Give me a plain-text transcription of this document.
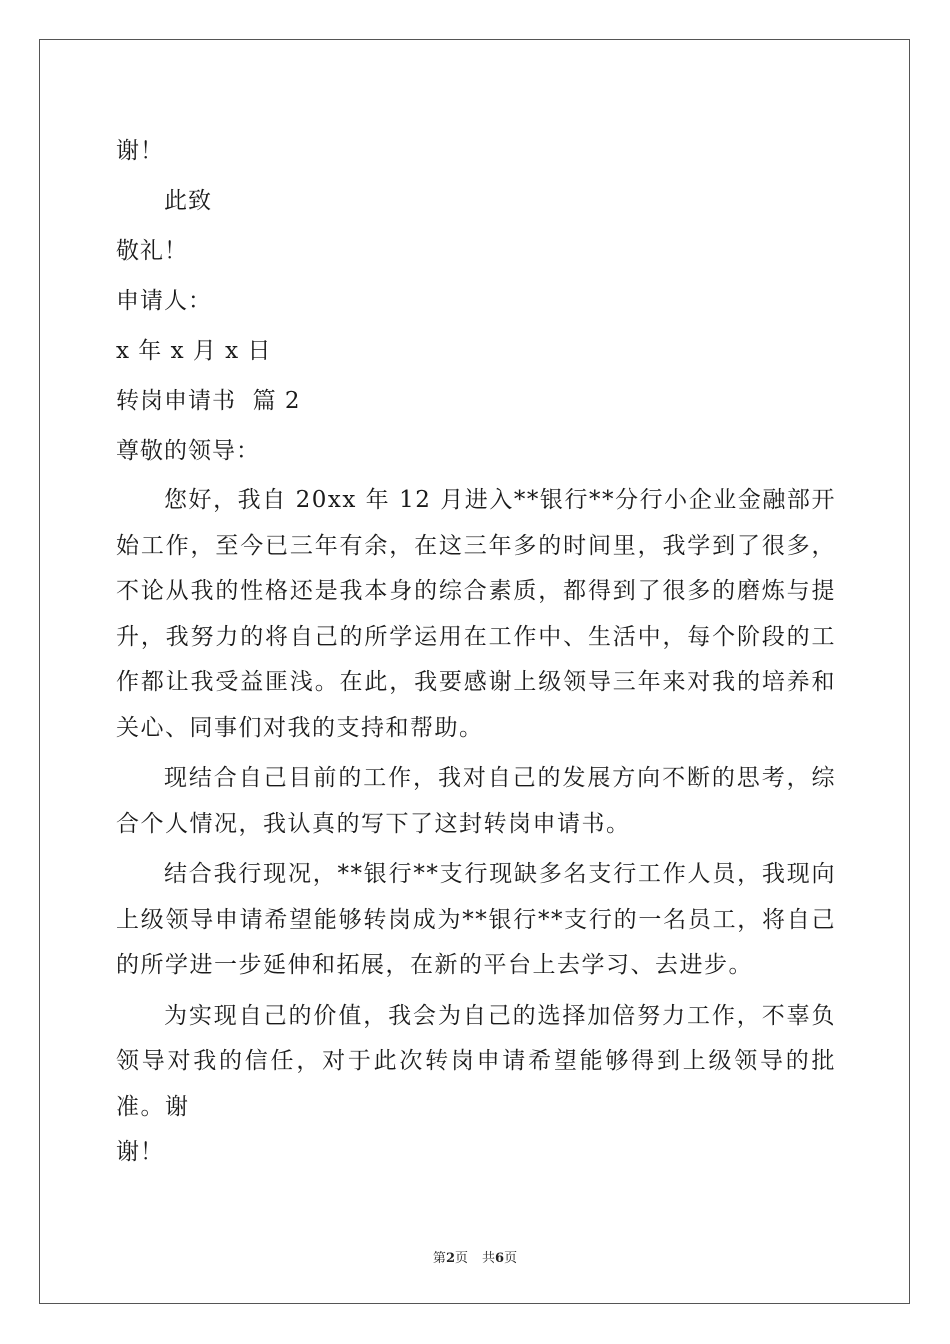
谢！
此致
敬礼！
申请人：
x 年 x 月 x 日
转岗申请书  篇 2
尊敬的领导：

您好，我自 20xx 年 12 月进入**银行**分行小企业金融部开始工作，至今已三年有余，在这三年多的时间里，我学到了很多，不论从我的性格还是我本身的综合素质，都得到了很多的磨炼与提升，我努力的将自己的所学运用在工作中、生活中，每个阶段的工作都让我受益匪浅。在此，我要感谢上级领导三年来对我的培养和关心、同事们对我的支持和帮助。

现结合自己目前的工作，我对自己的发展方向不断的思考，综合个人情况，我认真的写下了这封转岗申请书。

结合我行现况，**银行**支行现缺多名支行工作人员，我现向上级领导申请希望能够转岗成为**银行**支行的一名员工，将自己的所学进一步延伸和拓展，在新的平台上去学习、去进步。

为实现自己的价值，我会为自己的选择加倍努力工作，不辜负领导对我的信任，对于此次转岗申请希望能够得到上级领导的批准。谢

谢！

第2页 共6页
